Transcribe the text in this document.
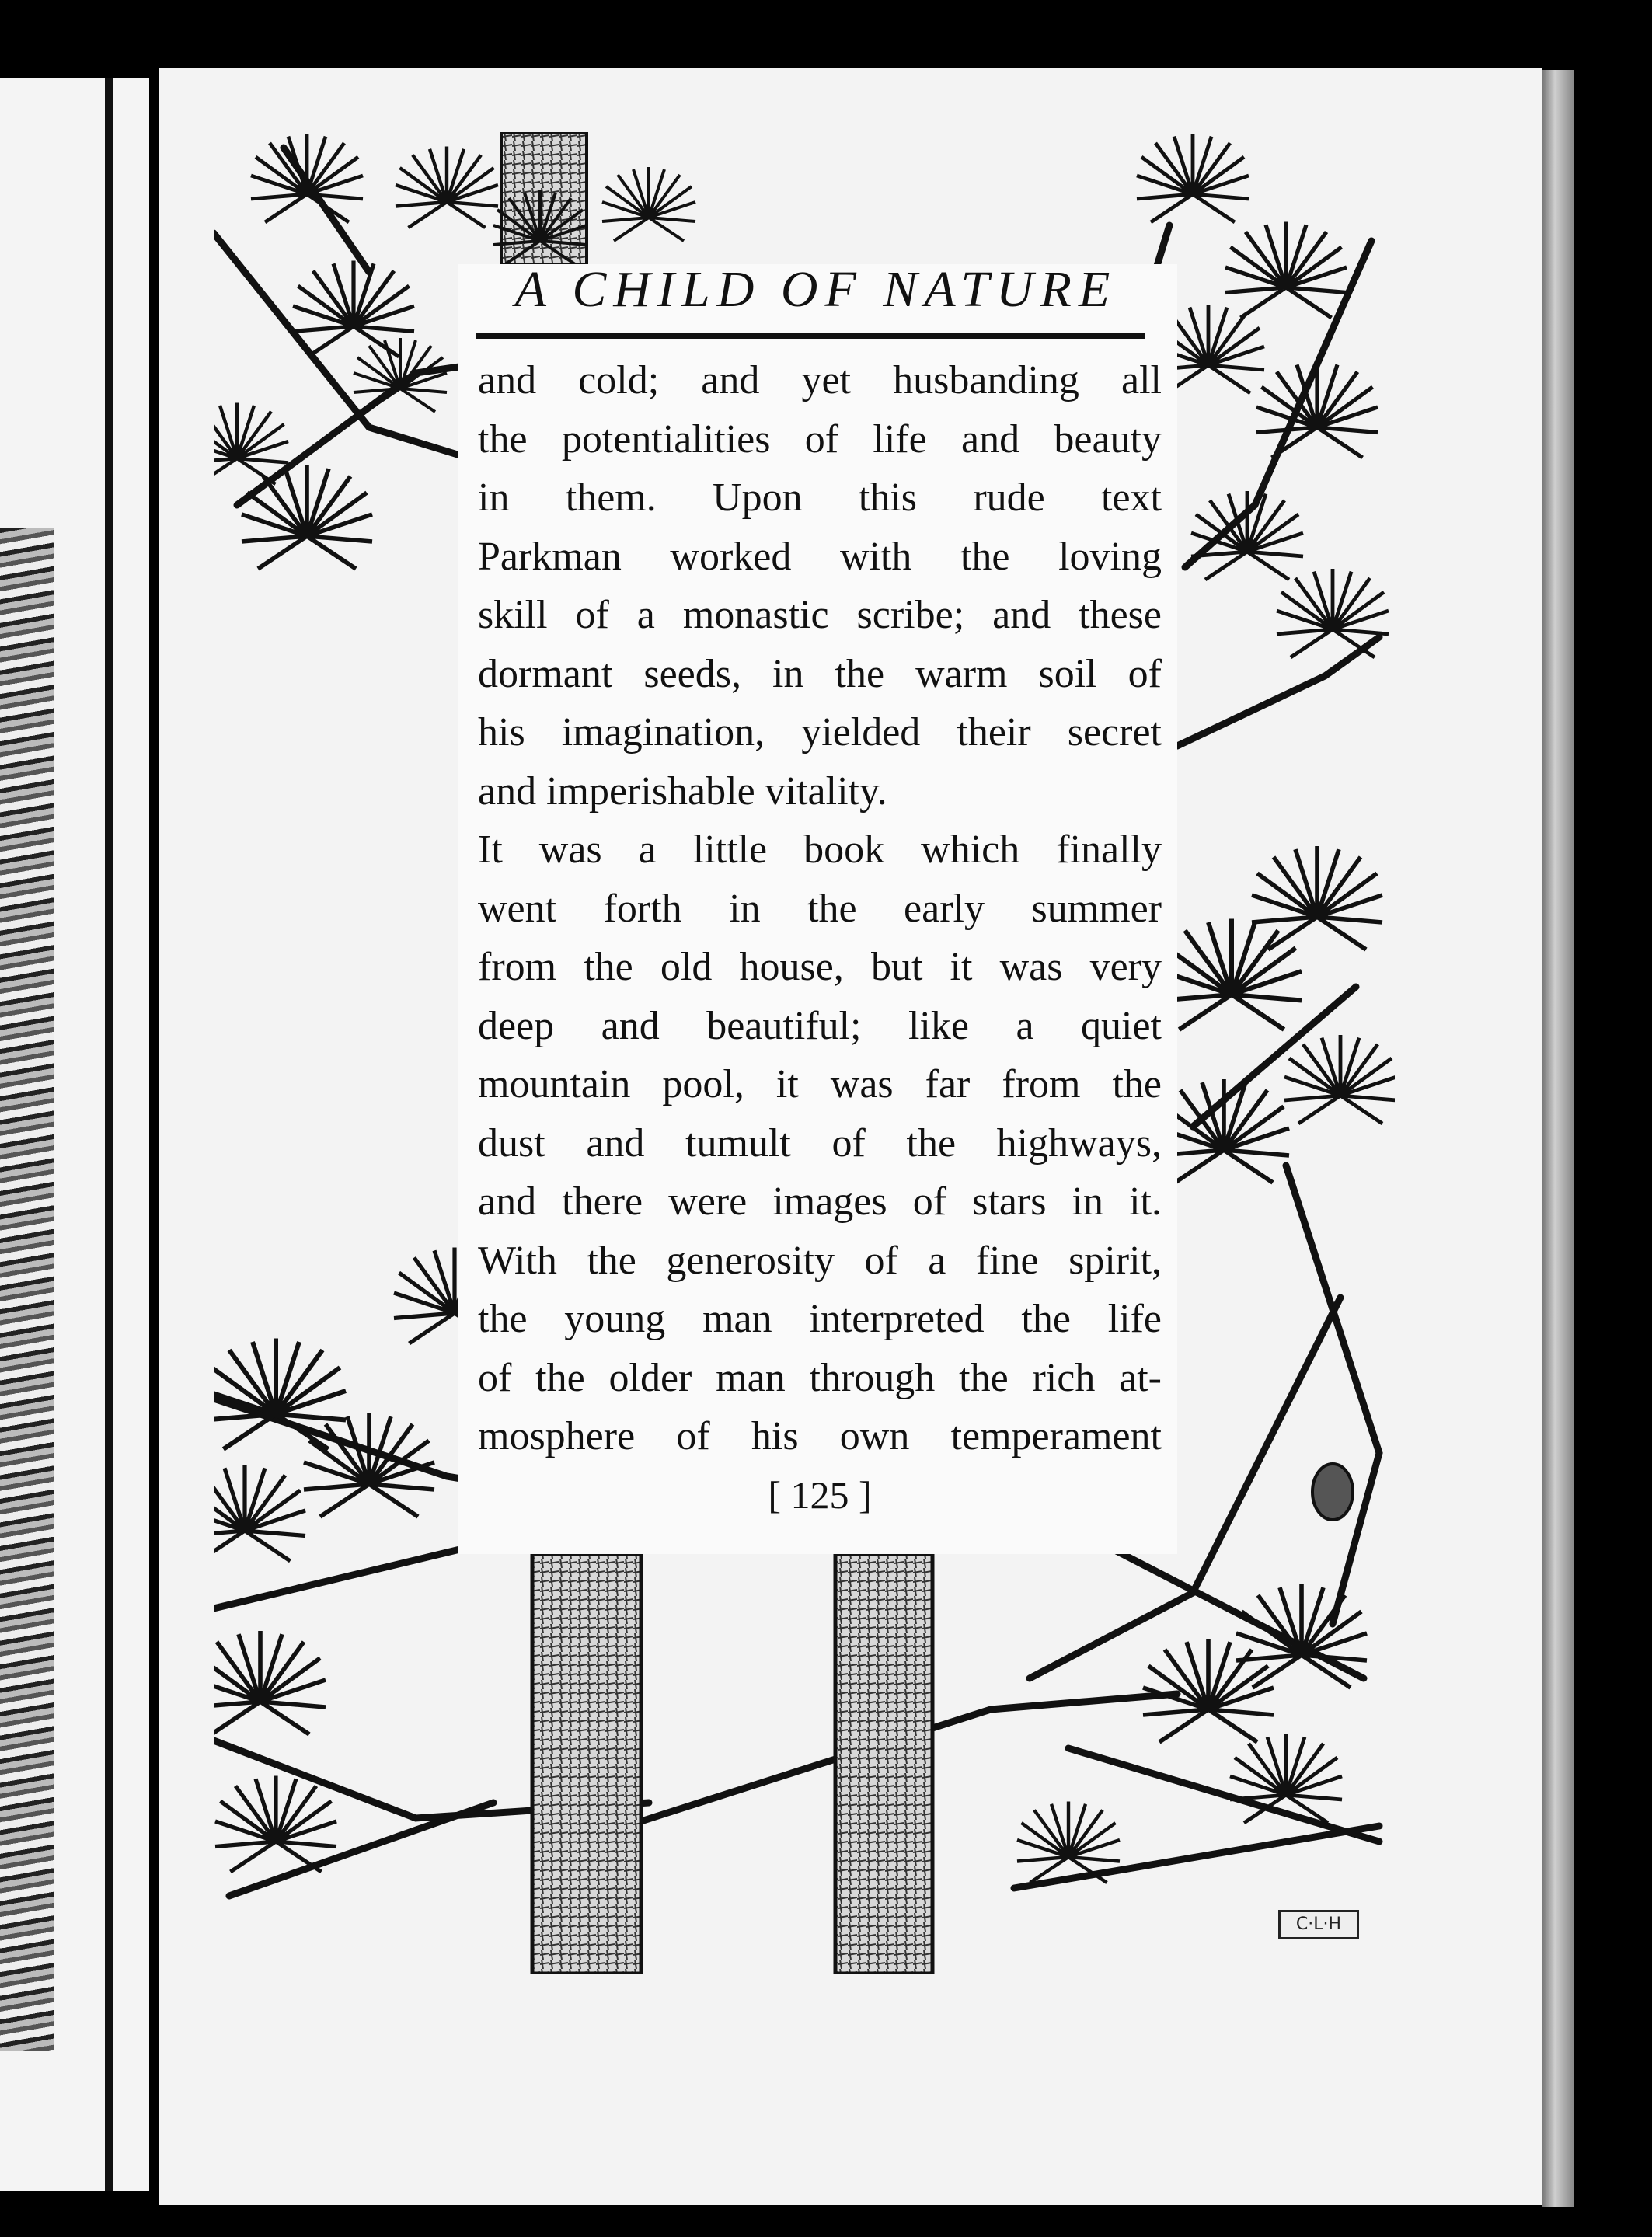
A CHILD OF NATURE
and cold; and yet husbanding all
the potentialities of life and beauty
in them. Upon this rude text
Parkman worked with the loving
skill of a monastic scribe; and these
dormant seeds, in the warm soil of
his imagination, yielded their secret
and imperishable vitality.
It was a little book which finally
went forth in the early summer
from the old house, but it was very
deep and beautiful; like a quiet
mountain pool, it was far from the
dust and tumult of the highways,
and there were images of stars in it.
With the generosity of a fine spirit,
the young man interpreted the life
of the older man through the rich at-
mosphere of his own temperament
[ 125 ]
C·L·H
